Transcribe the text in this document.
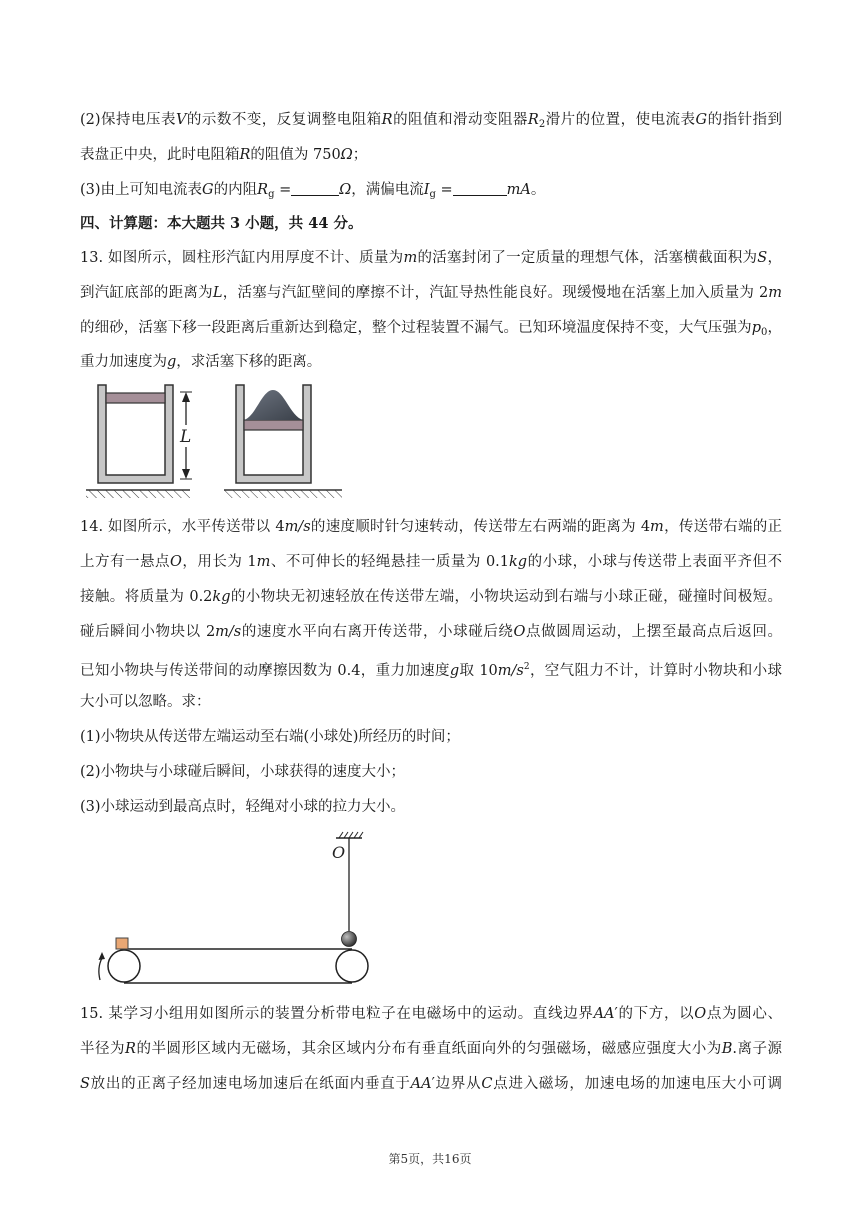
(2)保持电压表V的示数不变，反复调整电阻箱R的阻值和滑动变阻器$R_2$滑片的位置，使电流表G的指针指到
表盘正中央，此时电阻箱R的阻值为 750Ω；
(3)由上可知电流表G的内阻$R_g$ =	Ω，满偏电流$I_g$ =	mA。
四、计算题：本大题共 3 小题，共 44 分。
13. 如图所示，圆柱形汽缸内用厚度不计、质量为m的活塞封闭了一定质量的理想气体，活塞横截面积为S，
到汽缸底部的距离为L，活塞与汽缸壁间的摩擦不计，汽缸导热性能良好。现缓慢地在活塞上加入质量为 2m
的细砂，活塞下移一段距离后重新达到稳定，整个过程装置不漏气。已知环境温度保持不变，大气压强为$p_0$，
重力加速度为g，求活塞下移的距离。
L
14. 如图所示，水平传送带以 4m/s的速度顺时针匀速转动，传送带左右两端的距离为 4m，传送带右端的正
上方有一悬点O，用长为 1m、不可伸长的轻绳悬挂一质量为 0.1kg的小球，小球与传送带上表面平齐但不
接触。将质量为 0.2kg的小物块无初速轻放在传送带左端，小物块运动到右端与小球正碰，碰撞时间极短。
碰后瞬间小物块以 2m/s的速度水平向右离开传送带，小球碰后绕O点做圆周运动，上摆至最高点后返回。
已知小物块与传送带间的动摩擦因数为 0.4，重力加速度g取 $10m/s^2$，空气阻力不计，计算时小物块和小球
大小可以忽略。求：
(1)小物块从传送带左端运动至右端(小球处)所经历的时间；
(2)小物块与小球碰后瞬间，小球获得的速度大小；
(3)小球运动到最高点时，轻绳对小球的拉力大小。
O
15. 某学习小组用如图所示的装置分析带电粒子在电磁场中的运动。直线边界AA′的下方，以O点为圆心、
半径为R的半圆形区域内无磁场，其余区域内分布有垂直纸面向外的匀强磁场，磁感应强度大小为B.离子源
S放出的正离子经加速电场加速后在纸面内垂直于AA′边界从C点进入磁场，加速电场的加速电压大小可调
第5页，共16页
